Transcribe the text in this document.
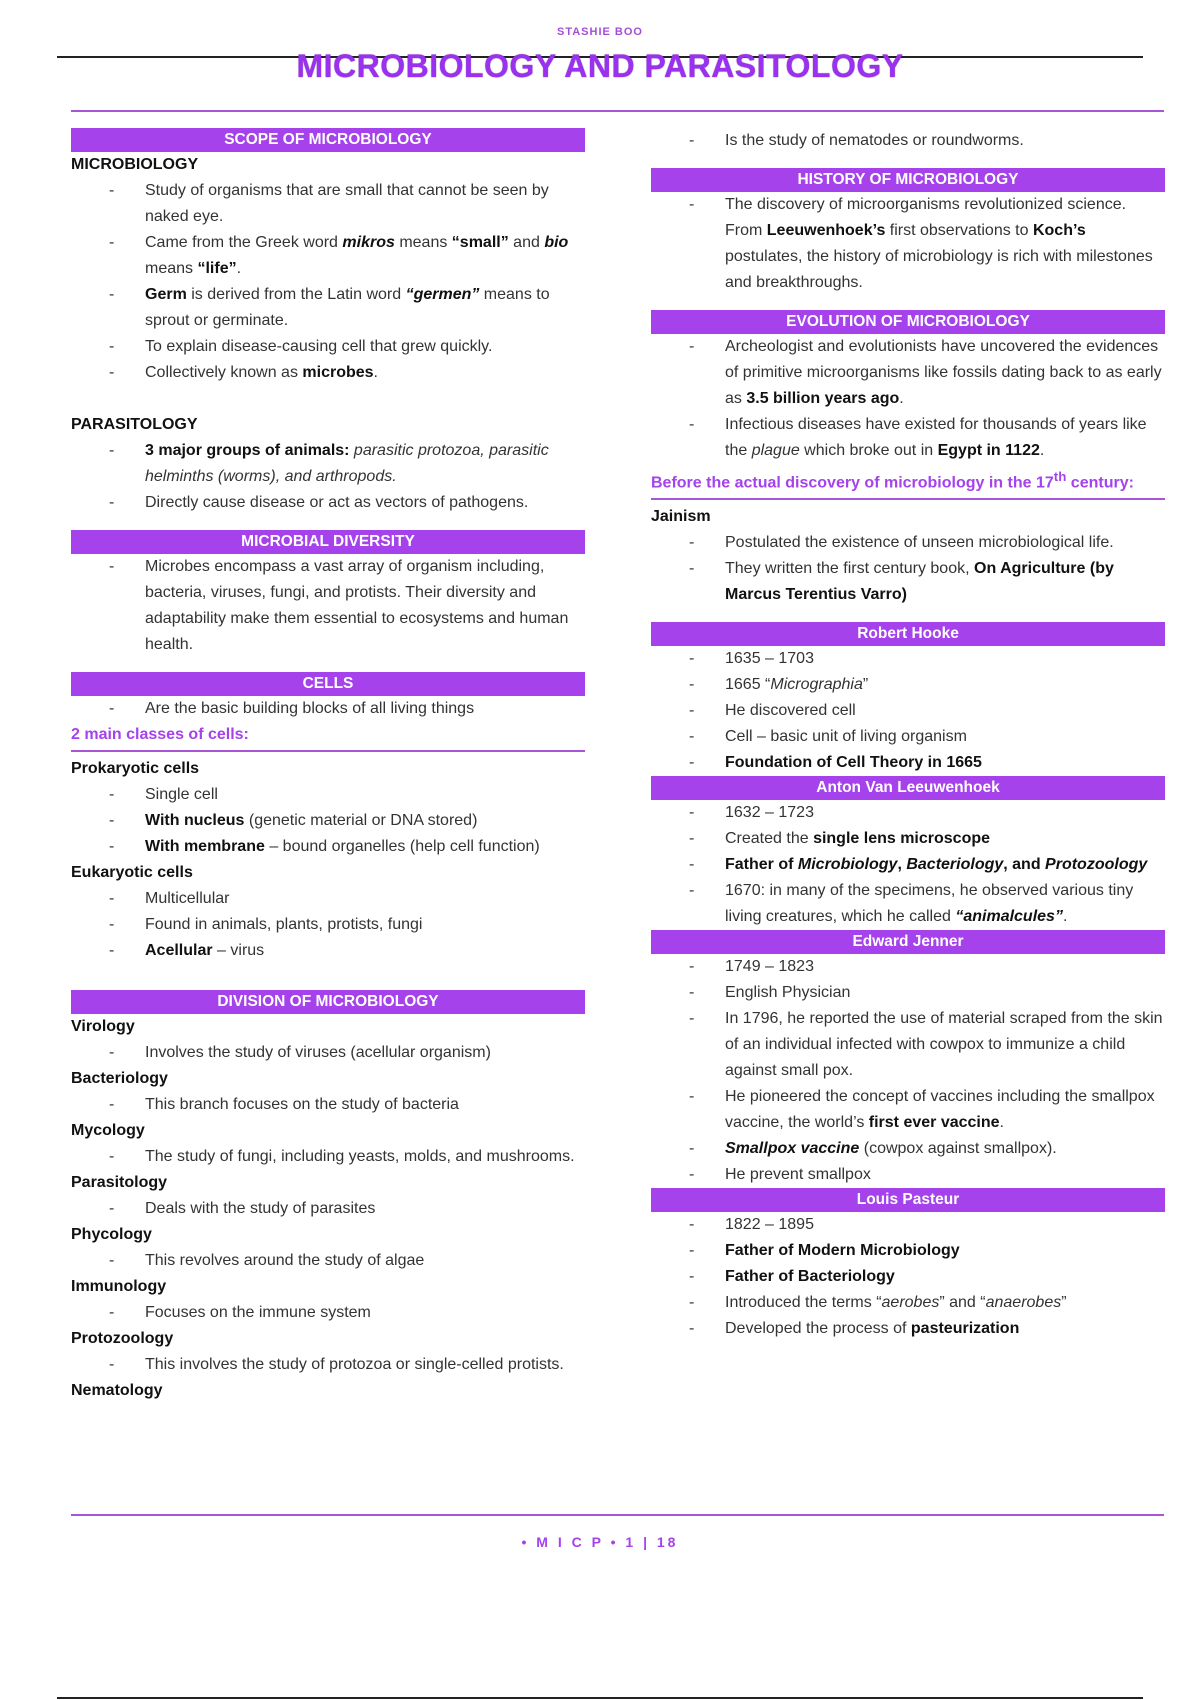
STASHIE BOO
MICROBIOLOGY AND PARASITOLOGY
SCOPE OF MICROBIOLOGY
MICROBIOLOGY
- Study of organisms that are small that cannot be seen by naked eye.
- Came from the Greek word mikros means “small” and bio means “life”.
- Germ is derived from the Latin word “germen” means to sprout or germinate.
- To explain disease-causing cell that grew quickly.
- Collectively known as microbes.
PARASITOLOGY
- 3 major groups of animals: parasitic protozoa, parasitic helminths (worms), and arthropods.
- Directly cause disease or act as vectors of pathogens.
MICROBIAL DIVERSITY
- Microbes encompass a vast array of organism including, bacteria, viruses, fungi, and protists. Their diversity and adaptability make them essential to ecosystems and human health.
CELLS
- Are the basic building blocks of all living things
2 main classes of cells:
Prokaryotic cells
- Single cell
- With nucleus (genetic material or DNA stored)
- With membrane – bound organelles (help cell function)
Eukaryotic cells
- Multicellular
- Found in animals, plants, protists, fungi
- Acellular – virus
DIVISION OF MICROBIOLOGY
Virology
- Involves the study of viruses (acellular organism)
Bacteriology
- This branch focuses on the study of bacteria
Mycology
- The study of fungi, including yeasts, molds, and mushrooms.
Parasitology
- Deals with the study of parasites
Phycology
- This revolves around the study of algae
Immunology
- Focuses on the immune system
Protozoology
- This involves the study of protozoa or single-celled protists.
Nematology
- Is the study of nematodes or roundworms.
HISTORY OF MICROBIOLOGY
- The discovery of microorganisms revolutionized science. From Leeuwenhoek’s first observations to Koch’s postulates, the history of microbiology is rich with milestones and breakthroughs.
EVOLUTION OF MICROBIOLOGY
- Archeologist and evolutionists have uncovered the evidences of primitive microorganisms like fossils dating back to as early as 3.5 billion years ago.
- Infectious diseases have existed for thousands of years like the plague which broke out in Egypt in 1122.
Before the actual discovery of microbiology in the 17th century:
Jainism
- Postulated the existence of unseen microbiological life.
- They written the first century book, On Agriculture (by Marcus Terentius Varro)
Robert Hooke
- 1635 – 1703
- 1665 “Micrographia”
- He discovered cell
- Cell – basic unit of living organism
- Foundation of Cell Theory in 1665
Anton Van Leeuwenhoek
- 1632 – 1723
- Created the single lens microscope
- Father of Microbiology, Bacteriology, and Protozoology
- 1670: in many of the specimens, he observed various tiny living creatures, which he called “animalcules”.
Edward Jenner
- 1749 – 1823
- English Physician
- In 1796, he reported the use of material scraped from the skin of an individual infected with cowpox to immunize a child against small pox.
- He pioneered the concept of vaccines including the smallpox vaccine, the world’s first ever vaccine.
- Smallpox vaccine (cowpox against smallpox).
- He prevent smallpox
Louis Pasteur
- 1822 – 1895
- Father of Modern Microbiology
- Father of Bacteriology
- Introduced the terms “aerobes” and “anaerobes”
- Developed the process of pasteurization
• M I C P • 1 | 18
